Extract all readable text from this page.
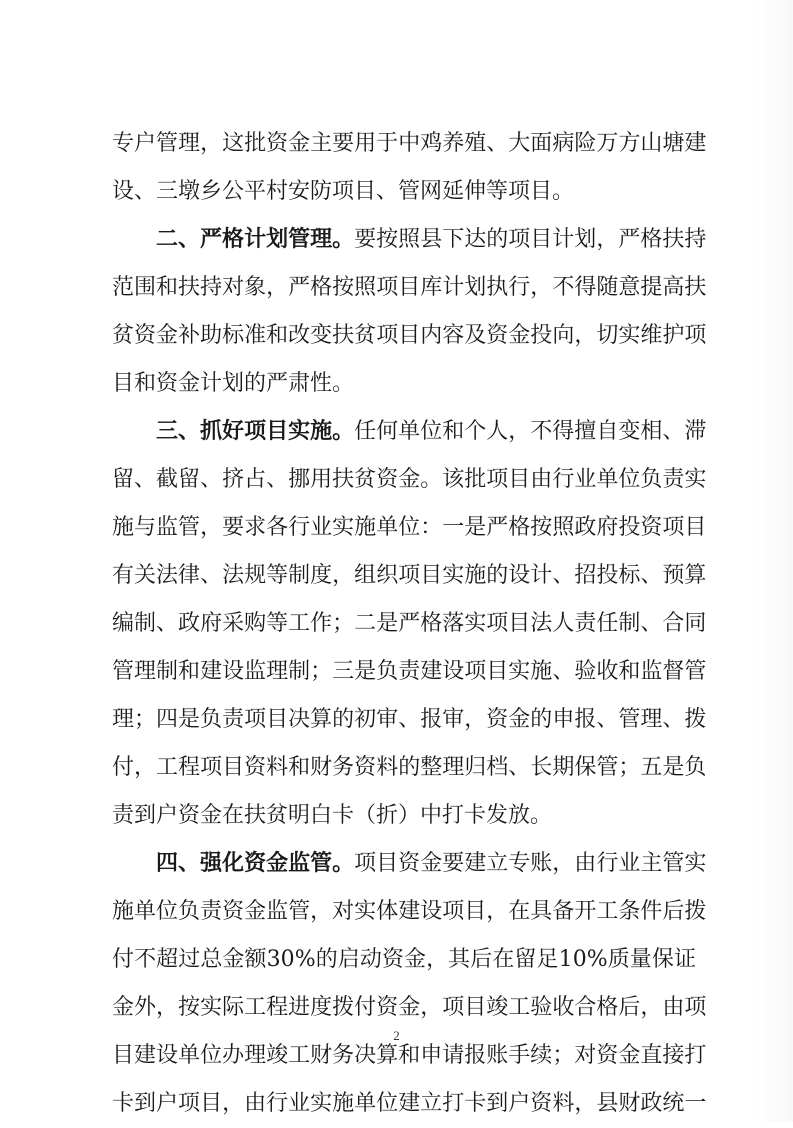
专 户 管 理 ， 这 批 资 金 主 要 用 于 中 鸡 养 殖 、 大 面 病 险 万 方 山 塘 建
设、三墩乡公平村安防项目、管网延伸等项目。
二 、 严 格 计 划 管 理 。 要 按 照 县 下 达 的 项 目 计 划 ， 严 格 扶 持
范 围 和 扶 持 对 象 ， 严 格 按 照 项 目 库 计 划 执 行 ， 不 得 随 意 提 高 扶
贫 资 金 补 助 标 准 和 改 变 扶 贫 项 目 内 容 及 资 金 投 向 ， 切 实 维 护 项
目和资金计划的严肃性。
三 、 抓 好 项 目 实 施 。 任 何 单 位 和 个 人 ， 不 得 擅 自 变 相 、 滞
留 、 截 留 、 挤 占 、 挪 用 扶 贫 资 金 。 该 批 项 目 由 行 业 单 位 负 责 实
施 与 监 管 ， 要 求 各 行 业 实 施 单 位 ： 一 是 严 格 按 照 政 府 投 资 项 目
有 关 法 律 、 法 规 等 制 度 ， 组 织 项 目 实 施 的 设 计 、 招 投 标 、 预 算
编 制 、 政 府 采 购 等 工 作 ； 二 是 严 格 落 实 项 目 法 人 责 任 制 、 合 同
管 理 制 和 建 设 监 理 制 ； 三 是 负 责 建 设 项 目 实 施 、 验 收 和 监 督 管
理 ； 四 是 负 责 项 目 决 算 的 初 审 、 报 审 ， 资 金 的 申 报 、 管 理 、 拨
付 ， 工 程 项 目 资 料 和 财 务 资 料 的 整 理 归 档 、 长 期 保 管 ； 五 是 负
责到户资金在扶贫明白卡（折）中打卡发放。
四 、 强 化 资 金 监 管 。 项 目 资 金 要 建 立 专 账 ， 由 行 业 主 管 实
施 单 位 负 责 资 金 监 管 ， 对 实 体 建 设 项 目 ， 在 具 备 开 工 条 件 后 拨
付 不 超 过 总 金 额 3 0 % 的 启 动 资 金 ， 其 后 在 留 足 1 0 % 质 量 保 证
金 外 ， 按 实 际 工 程 进 度 拨 付 资 金 ， 项 目 竣 工 验 收 合 格 后 ， 由 项
目 建 设 单 位 办 理 竣 工 财 务 决 算 和 申 请 报 账 手 续 ； 对 资 金 直 接 打
卡 到 户 项 目 ， 由 行 业 实 施 单 位 建 立 打 卡 到 户 资 料 ， 县 财 政 统 一
2
